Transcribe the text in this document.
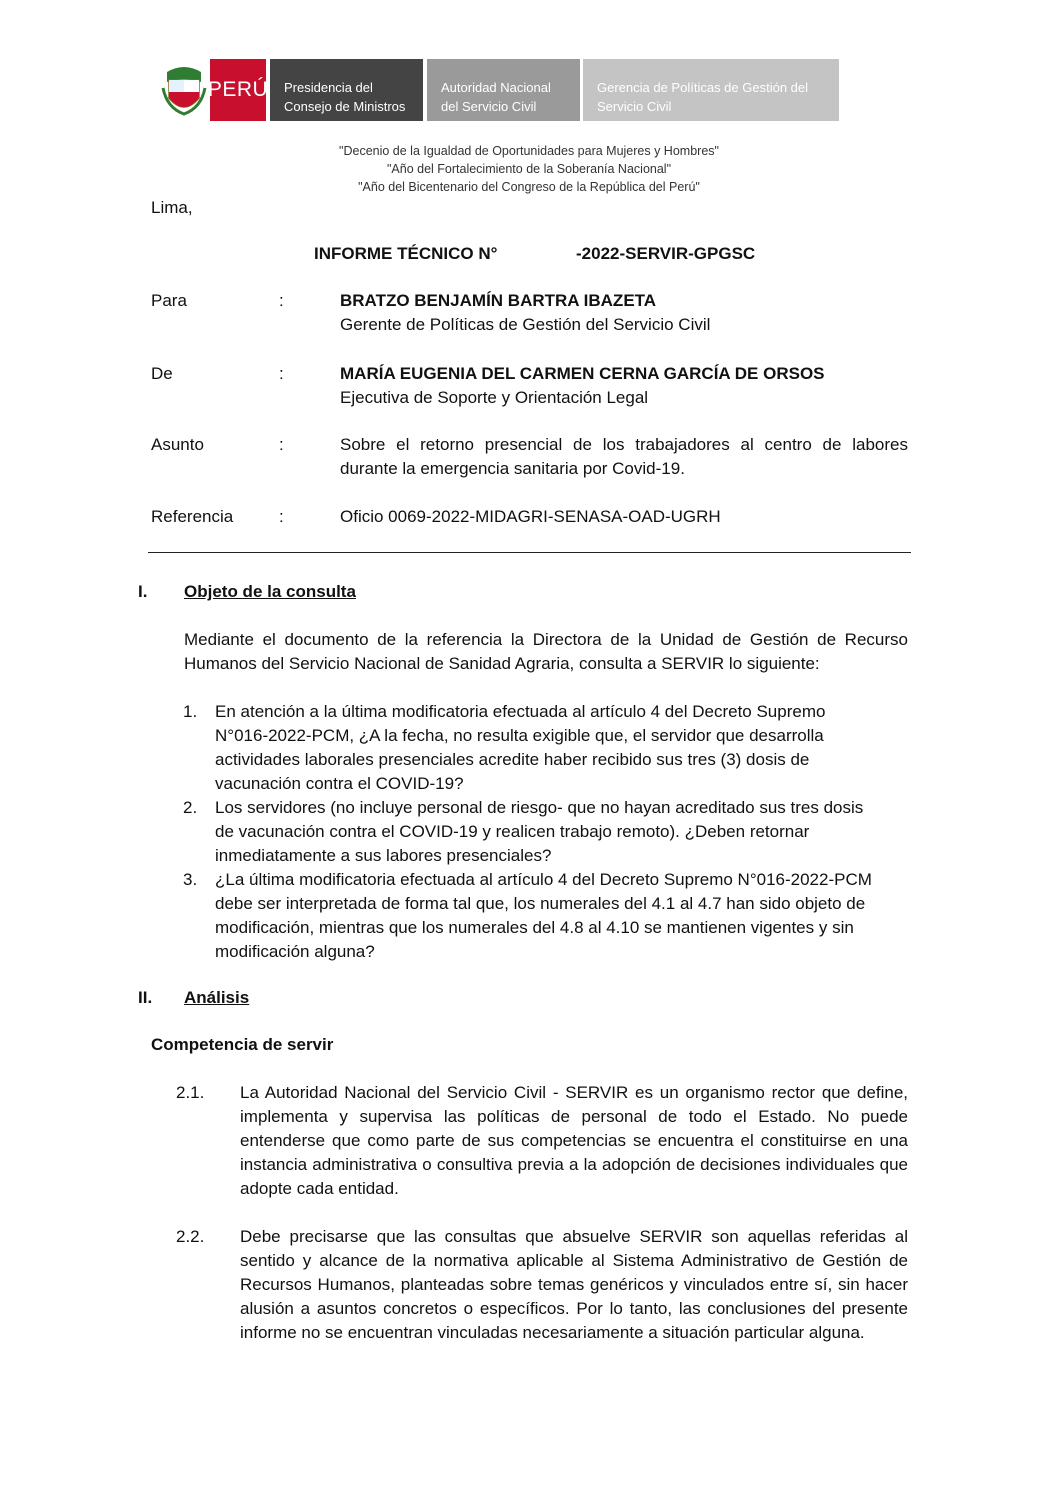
PERÚ Presidencia del
Consejo de Ministros
Autoridad Nacional
del Servicio Civil
Gerencia de Políticas de Gestión del
Servicio Civil
"Decenio de la Igualdad de Oportunidades para Mujeres y Hombres"
"Año del Fortalecimiento de la Soberanía Nacional"
"Año del Bicentenario del Congreso de la República del Perú"
Lima,
INFORME TÉCNICO N°	-2022-SERVIR-GPGSC
Para	:	BRATZO BENJAMÍN BARTRA IBAZETA
Gerente de Políticas de Gestión del Servicio Civil
De	:	MARÍA EUGENIA DEL CARMEN CERNA GARCÍA DE ORSOS
Ejecutiva de Soporte y Orientación Legal
Asunto	:	Sobre el retorno presencial de los trabajadores al centro de labores durante la emergencia sanitaria por Covid-19.
Referencia	:	Oficio 0069-2022-MIDAGRI-SENASA-OAD-UGRH
I. Objeto de la consulta
Mediante el documento de la referencia la Directora de la Unidad de Gestión de Recurso Humanos del Servicio Nacional de Sanidad Agraria, consulta a SERVIR lo siguiente:
1. En atención a la última modificatoria efectuada al artículo 4 del Decreto Supremo
N°016-2022-PCM, ¿A la fecha, no resulta exigible que, el servidor que desarrolla
actividades laborales presenciales acredite haber recibido sus tres (3) dosis de
vacunación contra el COVID-19?
2. Los servidores (no incluye personal de riesgo- que no hayan acreditado sus tres dosis
de vacunación contra el COVID-19 y realicen trabajo remoto). ¿Deben retornar
inmediatamente a sus labores presenciales?
3. ¿La última modificatoria efectuada al artículo 4 del Decreto Supremo N°016-2022-PCM
debe ser interpretada de forma tal que, los numerales del 4.1 al 4.7 han sido objeto de
modificación, mientras que los numerales del 4.8 al 4.10 se mantienen vigentes y sin
modificación alguna?
II. Análisis
Competencia de servir
2.1. La Autoridad Nacional del Servicio Civil - SERVIR es un organismo rector que define, implementa y supervisa las políticas de personal de todo el Estado. No puede entenderse que como parte de sus competencias se encuentra el constituirse en una instancia administrativa o consultiva previa a la adopción de decisiones individuales que adopte cada entidad.
2.2. Debe precisarse que las consultas que absuelve SERVIR son aquellas referidas al sentido y alcance de la normativa aplicable al Sistema Administrativo de Gestión de Recursos Humanos, planteadas sobre temas genéricos y vinculados entre sí, sin hacer alusión a asuntos concretos o específicos. Por lo tanto, las conclusiones del presente informe no se encuentran vinculadas necesariamente a situación particular alguna.
